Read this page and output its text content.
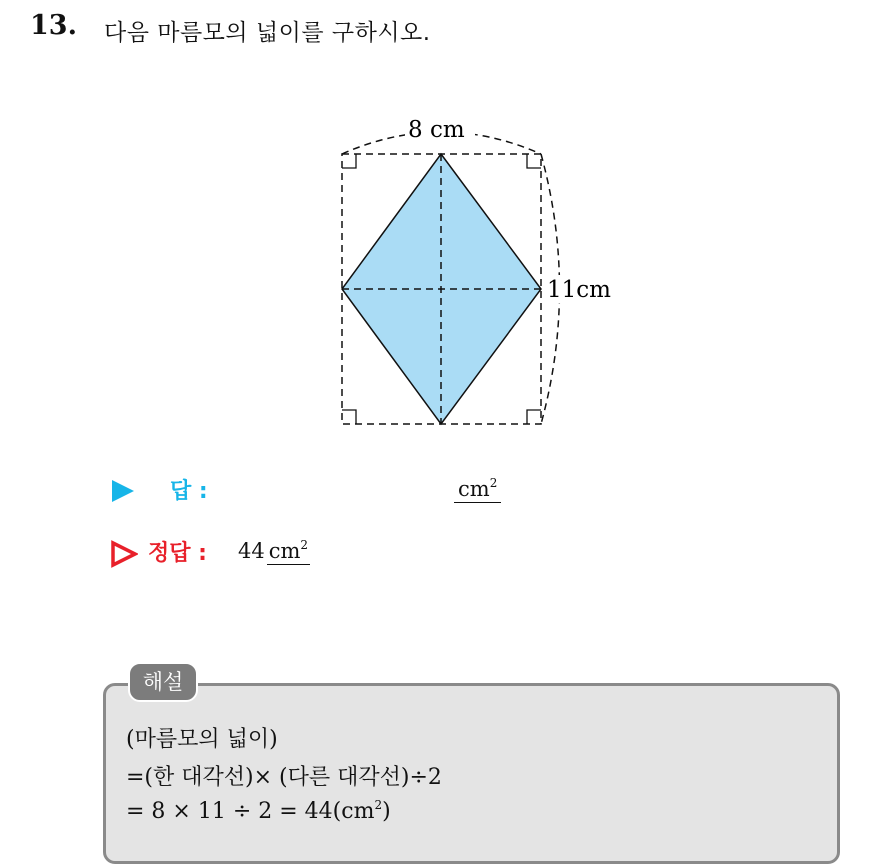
13. 다음 마름모의 넓이를 구하시오.
8 cm
11cm
답 :	$cm^2$
정답 : 44 $cm^2$
해설
(마름모의 넓이)
=(한 대각선)× (다른 대각선)÷2
= $8 \times 11 \div 2 = 44(cm^2)$
